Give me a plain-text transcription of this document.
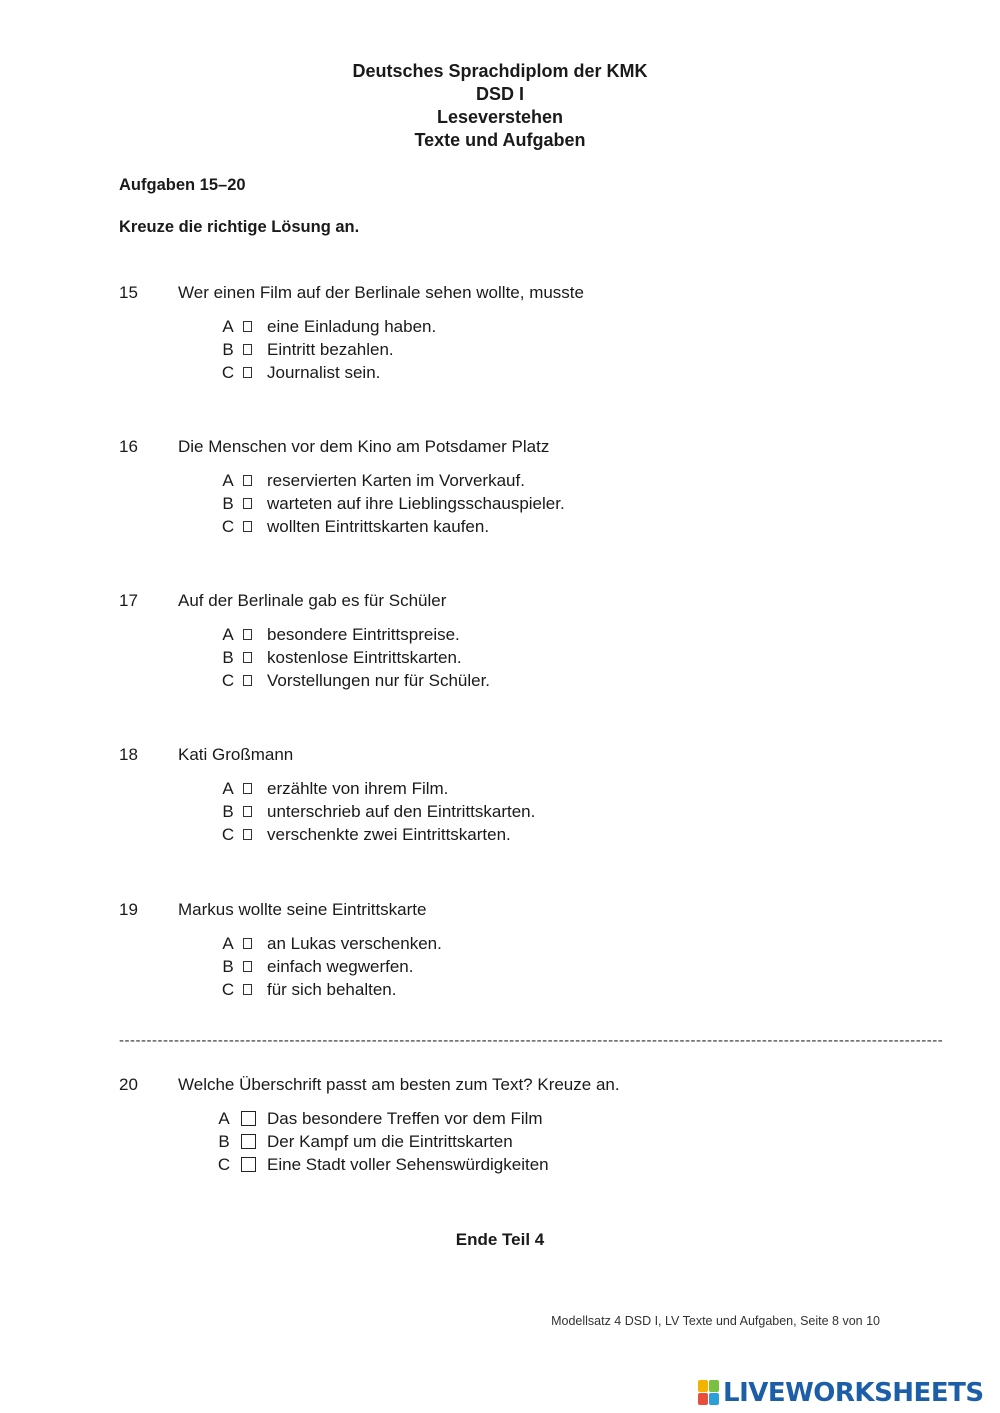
Deutsches Sprachdiplom der KMK
DSD I
Leseverstehen
Texte und Aufgaben
Aufgaben 15–20
Kreuze die richtige Lösung an.
15	Wer einen Film auf der Berlinale sehen wollte, musste
A eine Einladung haben.
B Eintritt bezahlen.
C Journalist sein.
16	Die Menschen vor dem Kino am Potsdamer Platz
A reservierten Karten im Vorverkauf.
B warteten auf ihre Lieblingsschauspieler.
C wollten Eintrittskarten kaufen.
17	Auf der Berlinale gab es für Schüler
A besondere Eintrittspreise.
B kostenlose Eintrittskarten.
C Vorstellungen nur für Schüler.
18	Kati Großmann
A erzählte von ihrem Film.
B unterschrieb auf den Eintrittskarten.
C verschenkte zwei Eintrittskarten.
19	Markus wollte seine Eintrittskarte
A an Lukas verschenken.
B einfach wegwerfen.
C für sich behalten.
------------------------------------------------------------------------------------------------------------------------------------------------------
20	Welche Überschrift passt am besten zum Text? Kreuze an.
A Das besondere Treffen vor dem Film
B Der Kampf um die Eintrittskarten
C Eine Stadt voller Sehenswürdigkeiten
Ende Teil 4
Modellsatz 4 DSD I, LV Texte und Aufgaben, Seite 8 von 10
LIVEWORKSHEETS
